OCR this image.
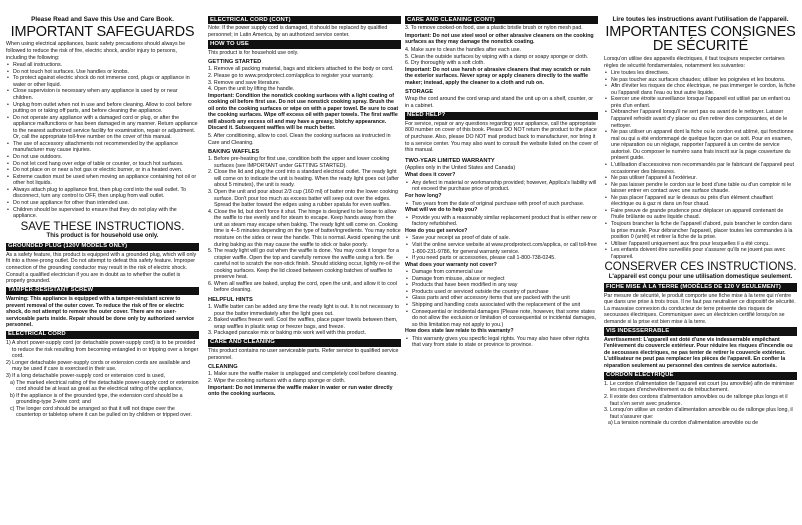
Please Read and Save this Use and Care Book.
IMPORTANT SAFEGUARDS

When using electrical appliances, basic safety precautions should always be followed to reduce the risk of fire, electric shock, and/or injury to persons, including the following:

• Read all instructions.
• Do not touch hot surfaces. Use handles or knobs.
• To protect against electric shock do not immerse cord, plugs or appliance in water or other liquid.
• Close supervision is necessary when any appliance is used by or near children.
• Unplug from outlet when not in use and before cleaning. Allow to cool before putting on or taking off parts, and before cleaning the appliance.
• Do not operate any appliance with a damaged cord or plug, or after the appliance malfunctions or has been damaged in any manner. Return appliance to the nearest authorized service facility for examination, repair or adjustment. Or, call the appropriate toll-free number on the cover of this manual.
• The use of accessory attachments not recommended by the appliance manufacturer may cause injuries.
• Do not use outdoors.
• Do not let cord hang over edge of table or counter, or touch hot surfaces.
• Do not place on or near a hot gas or electric burner, or in a heated oven.
• Extreme caution must be used when moving an appliance containing hot oil or other hot liquids.
• Always attach plug to appliance first, then plug cord into the wall outlet. To disconnect, turn any control to OFF, then unplug from wall outlet.
• Do not use appliance for other than intended use.
• Children should be supervised to ensure that they do not play with the appliance.
SAVE THESE INSTRUCTIONS.
This product is for household use only.
GROUNDED PLUG (120V MODELS ONLY)

As a safety feature, this product is equipped with a grounded plug, which will only fit into a three-prong outlet. Do not attempt to defeat this safety feature. Improper connection of the grounding conductor may result in the risk of electric shock. Consult a qualified electrician if you are in doubt as to whether the outlet is properly grounded.

TAMPER-RESISTANT SCREW

Warning: This appliance is equipped with a tamper-resistant screw to prevent removal of the outer cover. To reduce the risk of fire or electric shock, do not attempt to remove the outer cover. There are no user-serviceable parts inside. Repair should be done only by authorized service personnel.

ELECTRICAL CORD
1) A short power-supply cord (or detachable power-supply cord) is to be provided to reduce the risk resulting from becoming entangled in or tripping over a longer cord.
2) Longer detachable power-supply cords or extension cords are available and may be used if care is exercised in their use.
3) If a long detachable power-supply cord or extension cord is used,
a) The marked electrical rating of the detachable power-supply cord or extension cord should be at least as great as the electrical rating of the appliance,
b) If the appliance is of the grounded type, the extension cord should be a grounding-type 3-wire cord; and
c) The longer cord should be arranged so that it will not drape over the countertop or tabletop where it can be pulled on by children or tripped over.
ELECTRICAL CORD (CONT)

Note: If the power supply cord is damaged, it should be replaced by qualified personnel; in Latin America, by an authorized service center.

HOW TO USE

This product is for household use only.

GETTING STARTED
1. Remove all packing material, bags and stickers attached to the body or cord.
2. Please go to www.prodprotect.com/applica to register your warranty.
3. Remove and save literature.
4. Open the unit by lifting the handle.

Important: Condition the nonstick cooking surfaces with a light coating of cooking oil before first use. Do not use nonstick cooking spray. Brush the oil onto the cooking surfaces or wipe on with a paper towel. Be sure to coat the cooking surfaces. Wipe off excess oil with paper towels. The first waffle will absorb any excess oil and may have a greasy, blotchy appearance. Discard it. Subsequent waffles will be much better.

5. After conditioning, allow to cool. Clean the cooking surfaces as instructed in Care and Cleaning.

BAKING WAFFLES
1. Before pre-heating for first use, condition both the upper and lower cooking surfaces (see IMPORTANT under GETTING STARTED).
2. Close the lid and plug the cord into a standard electrical outlet. The ready light will come on to indicate the unit is heating. When the ready light goes out (after about 5 minutes), the unit is ready.
3. Open the unit and pour about 2/3 cup (160 ml) of batter onto the lower cooking surface. Don't pour too much as excess batter will seep out over the edges. Spread the batter toward the edges using a rubber spatula for even waffles.
4. Close the lid, but don't force it shut. The hinge is designed to be loose to allow the waffle to rise evenly and for steam to escape. Keep hands away from the unit as steam may escape when baking. The ready light will come on. Cooking time is 4–5 minutes depending on the type of batter/ingredients. You may notice moisture on the sides or near the handle. This is normal. Avoid opening the unit during baking as this may cause the waffle to stick or bake poorly.
5. The ready light will go out when the waffle is done. You may cook it longer for a crispier waffle. Open the top and carefully remove the waffle using a fork. Be careful not to scratch the non-stick finish. Should sticking occur, lightly re-oil the cooking surfaces. Keep the lid closed between cooking batches of waffles to preserve heat.
6. When all waffles are baked, unplug the cord, open the unit, and allow it to cool before cleaning.
HELPFUL HINTS
1. Waffle batter can be added any time the ready light is out. It is not necessary to pour the batter immediately after the light goes out.
2. Baked waffles freeze well. Cool the waffles, place paper towels between them, wrap waffles in plastic wrap or freezer bags, and freeze.
3. Packaged pancake mix or baking mix work well with this product.
CARE AND CLEANING

This product contains no user serviceable parts. Refer service to qualified service personnel.

CLEANING
1. Make sure the waffle maker is unplugged and completely cool before cleaning.
2. Wipe the cooking surfaces with a damp sponge or cloth.

Important: Do not immerse the waffle maker in water or run water directly onto the cooking surfaces.

CARE AND CLEANING (CONT)

3. To remove cooked-on food, use a plastic bristle brush or nylon mesh pad.

Important: Do not use steel wool or other abrasive cleaners on the cooking surfaces as they may damage the nonstick coating.

4. Make sure to clean the handles after each use.
5. Clean the outside surfaces by wiping with a damp or soapy sponge or cloth.
6. Dry thoroughly with a soft cloth.

Important: Do not use harsh or abrasive cleaners that may scratch or ruin the exterior surfaces. Never spray or apply cleaners directly to the waffle maker; instead, apply the cleaner to a cloth and rub on.

STORAGE

Wrap the cord around the cord wrap and stand the unit up on a shelf, counter, or in a cabinet.

NEED HELP?

For service, repair or any questions regarding your appliance, call the appropriate 800 number on cover of this book. Please DO NOT return the product to the place of purchase. Also, please DO NOT mail product back to manufacturer, nor bring it to a service center. You may also want to consult the website listed on the cover of this manual.

TWO-YEAR LIMITED WARRANTY

(Applies only in the United States and Canada)

What does it cover?

• Any defect in material or workmanship provided; however, Applica's liability will not exceed the purchase price of product.

For how long?

• Two years from the date of original purchase with proof of such purchase.

What will we do to help you?

• Provide you with a reasonably similar replacement product that is either new or factory refurbished.

How do you get service?

• Save your receipt as proof of date of sale.
• Visit the online service website at www.prodprotect.com/applica, or call toll-free 1-800-231-9786, for general warranty service.
• If you need parts or accessories, please call 1-800-738-0245.

What does your warranty not cover?

• Damage from commercial use
• Damage from misuse, abuse or neglect
• Products that have been modified in any way
• Products used or serviced outside the country of purchase
• Glass parts and other accessory items that are packed with the unit
• Shipping and handling costs associated with the replacement of the unit
• Consequential or incidental damages (Please note, however, that some states do not allow the exclusion or limitation of consequential or incidental damages, so this limitation may not apply to you.)

How does state law relate to this warranty?

• This warranty gives you specific legal rights. You may also have other rights that vary from state to state or province to province.
Lire toutes les instructions avant l'utilisation de l'appareil.
IMPORTANTES CONSIGNES
DE SÉCURITÉ

Lorsqu'on utilise des appareils électriques, il faut toujours respecter certaines règles de sécurité fondamentales, notamment les suivantes:

• Lire toutes les directives.
• Ne pas toucher aux surfaces chaudes; utiliser les poignées et les boutons.
• Afin d'éviter les risques de choc électrique, ne pas immerger le cordon, la fiche ou l'appareil dans l'eau ou tout autre liquide.
• Exercer une étroite surveillance lorsque l'appareil est utilisé par un enfant ou près d'un enfant.
• Débrancher l'appareil lorsqu'il ne sert pas ou avant de le nettoyer. Laisser l'appareil refroidir avant d'y placer ou d'en retirer des composantes, et de le nettoyer.
• Ne pas utiliser un appareil dont la fiche ou le cordon est abîmé, qui fonctionne mal ou qui a été endommagé de quelque façon que ce soit. Pour en examen, une réparation ou un réglage, rapporter l'appareil à un centre de service autorisé. Ou composer le numéro sans frais inscrit sur la page couverture du présent guide.
• L'utilisation d'accessoires non recommandés par le fabricant de l'appareil peut occasionner des blessures.
• Ne pas utiliser l'appareil à l'extérieur.
• Ne pas laisser pendre le cordon sur le bord d'une table ou d'un comptoir ni le laisser entrer en contact avec une surface chaude.
• Ne pas placer l'appareil sur le dessus ou près d'un élément chauffant électrique ou à gaz ni dans un four chaud.
• Faire preuve de grande prudence pour déplacer un appareil contenant de l'huile brûlante ou autre liquide chaud.
• Toujours brancher la fiche de l'appareil d'abord, puis brancher le cordon dans la prise murale. Pour débrancher l'appareil, placer toutes les commandes à la position 0 (arrêt) et retirer la fiche de la prise.
• Utiliser l'appareil uniquement aux fins pour lesquelles il a été conçu.
• Les enfants doivent être surveillés pour s'assurer qu'ils ne jouent pas avec l'appareil.
CONSERVER CES INSTRUCTIONS.
L'appareil est conçu pour une utilisation domestique seulement.
FICHE MISE À LA TERRE (MODÈLES DE 120 V SEULEMENT)

Par mesure de sécurité, le produit comporte une fiche mise à la terre qui n'entre que dans une prise à trois trous. Il ne faut pas neutraliser ce dispositif de sécurité. La mauvaise connexion du conducteur de terre présente des risques de secousses électriques. Communiquer avec un électricien certifié lorsqu'on se demande si la prise est bien mise à la terre.

VIS INDESSERRABLE

Avertissement: L'appareil est doté d'une vis indesserrable empêchant l'enlèvement du couvercle extérieur. Pour réduire les risques d'incendie ou de secousses électriques, ne pas tenter de retirer le couvercle extérieur. L'utilisateur ne peut pas remplacer les pièces de l'appareil. En confier la réparation seulement au personnel des centres de service autorisés.

CORDON ÉLECTRIQUE
1. Le cordon d'alimentation de l'appareil est court (ou amovible) afin de minimiser les risques d'enchevêtrement ou de trébuchement.
2. Il existe des cordons d'alimentation amovibles ou de rallonge plus longs et il faut s'en servir avec prudence.
3. Lorsqu'on utilise un cordon d'alimentation amovible ou de rallonge plus long, il faut s'assurer que:
a) La tension nominale du cordon d'alimentation amovible ou de
